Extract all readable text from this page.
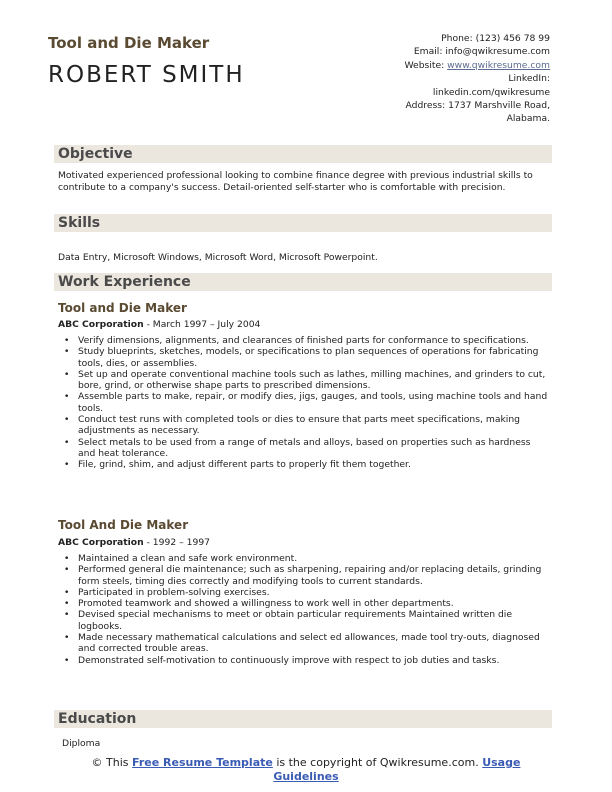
Tool and Die Maker
ROBERT SMITH
Phone: (123) 456 78 99
Email: info@qwikresume.com
Website: www.qwikresume.com
LinkedIn:
linkedin.com/qwikresume
Address: 1737 Marshville Road,
Alabama.
Objective
Motivated experienced professional looking to combine finance degree with previous industrial skills to contribute to a company's success. Detail-oriented self-starter who is comfortable with precision.
Skills
Data Entry, Microsoft Windows, Microsoft Word, Microsoft Powerpoint.
Work Experience
Tool and Die Maker
ABC Corporation - March 1997 – July 2004
• Verify dimensions, alignments, and clearances of finished parts for conformance to specifications.
• Study blueprints, sketches, models, or specifications to plan sequences of operations for fabricating tools, dies, or assemblies.
• Set up and operate conventional machine tools such as lathes, milling machines, and grinders to cut, bore, grind, or otherwise shape parts to prescribed dimensions.
• Assemble parts to make, repair, or modify dies, jigs, gauges, and tools, using machine tools and hand tools.
• Conduct test runs with completed tools or dies to ensure that parts meet specifications, making adjustments as necessary.
• Select metals to be used from a range of metals and alloys, based on properties such as hardness and heat tolerance.
• File, grind, shim, and adjust different parts to properly fit them together.
Tool And Die Maker
ABC Corporation - 1992 – 1997
• Maintained a clean and safe work environment.
• Performed general die maintenance; such as sharpening, repairing and/or replacing details, grinding form steels, timing dies correctly and modifying tools to current standards.
• Participated in problem-solving exercises.
• Promoted teamwork and showed a willingness to work well in other departments.
• Devised special mechanisms to meet or obtain particular requirements Maintained written die logbooks.
• Made necessary mathematical calculations and select ed allowances, made tool try-outs, diagnosed and corrected trouble areas.
• Demonstrated self-motivation to continuously improve with respect to job duties and tasks.
Education
Diploma
© This Free Resume Template is the copyright of Qwikresume.com. Usage
Guidelines
